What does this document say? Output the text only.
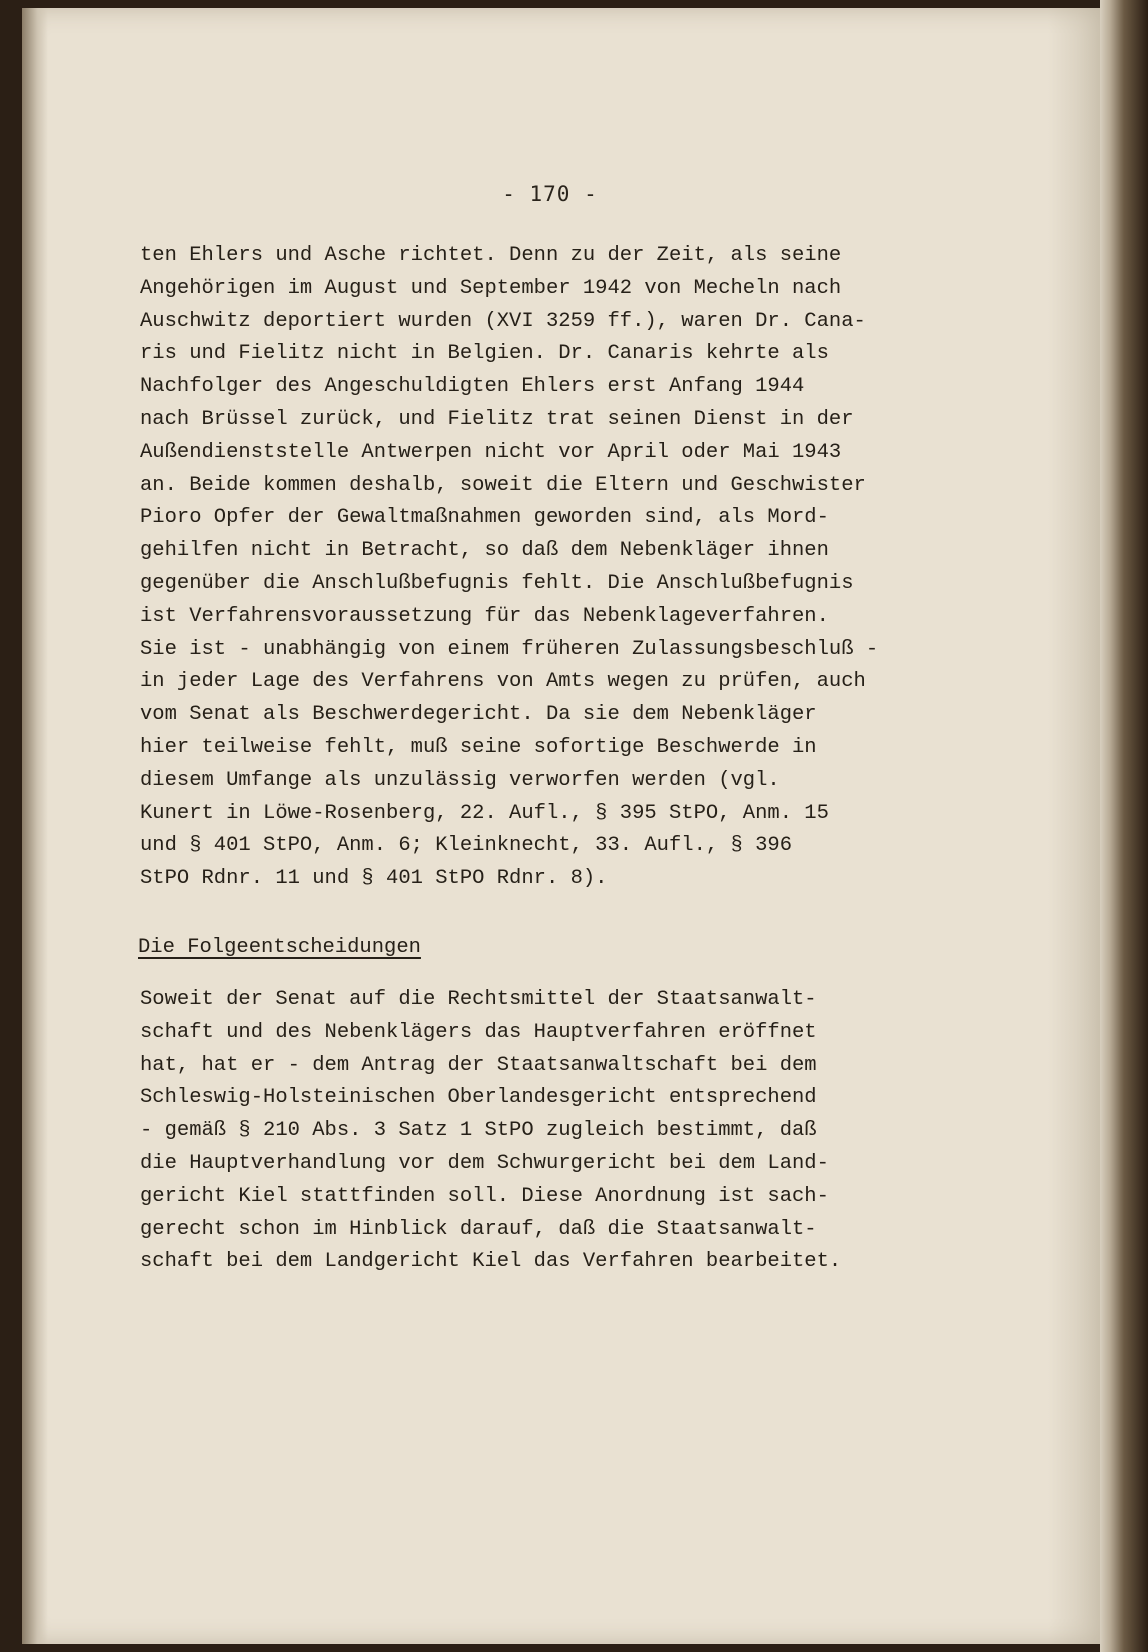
- 170 -
ten Ehlers und Asche richtet. Denn zu der Zeit, als seine
Angehörigen im August und September 1942 von Mecheln nach
Auschwitz deportiert wurden (XVI 3259 ff.), waren Dr. Cana-
ris und Fielitz nicht in Belgien. Dr. Canaris kehrte als
Nachfolger des Angeschuldigten Ehlers erst Anfang 1944
nach Brüssel zurück, und Fielitz trat seinen Dienst in der
Außendienststelle Antwerpen nicht vor April oder Mai 1943
an. Beide kommen deshalb, soweit die Eltern und Geschwister
Pioro Opfer der Gewaltmaßnahmen geworden sind, als Mord-
gehilfen nicht in Betracht, so daß dem Nebenkläger ihnen
gegenüber die Anschlußbefugnis fehlt. Die Anschlußbefugnis
ist Verfahrensvoraussetzung für das Nebenklageverfahren.
Sie ist - unabhängig von einem früheren Zulassungsbeschluß -
in jeder Lage des Verfahrens von Amts wegen zu prüfen, auch
vom Senat als Beschwerdegericht. Da sie dem Nebenkläger
hier teilweise fehlt, muß seine sofortige Beschwerde in
diesem Umfange als unzulässig verworfen werden (vgl.
Kunert in Löwe-Rosenberg, 22. Aufl., § 395 StPO, Anm. 15
und § 401 StPO, Anm. 6; Kleinknecht, 33. Aufl., § 396
StPO Rdnr. 11 und § 401 StPO Rdnr. 8).
Die Folgeentscheidungen
Soweit der Senat auf die Rechtsmittel der Staatsanwalt-
schaft und des Nebenklägers das Hauptverfahren eröffnet
hat, hat er - dem Antrag der Staatsanwaltschaft bei dem
Schleswig-Holsteinischen Oberlandesgericht entsprechend
- gemäß § 210 Abs. 3 Satz 1 StPO zugleich bestimmt, daß
die Hauptverhandlung vor dem Schwurgericht bei dem Land-
gericht Kiel stattfinden soll. Diese Anordnung ist sach-
gerecht schon im Hinblick darauf, daß die Staatsanwalt-
schaft bei dem Landgericht Kiel das Verfahren bearbeitet.
